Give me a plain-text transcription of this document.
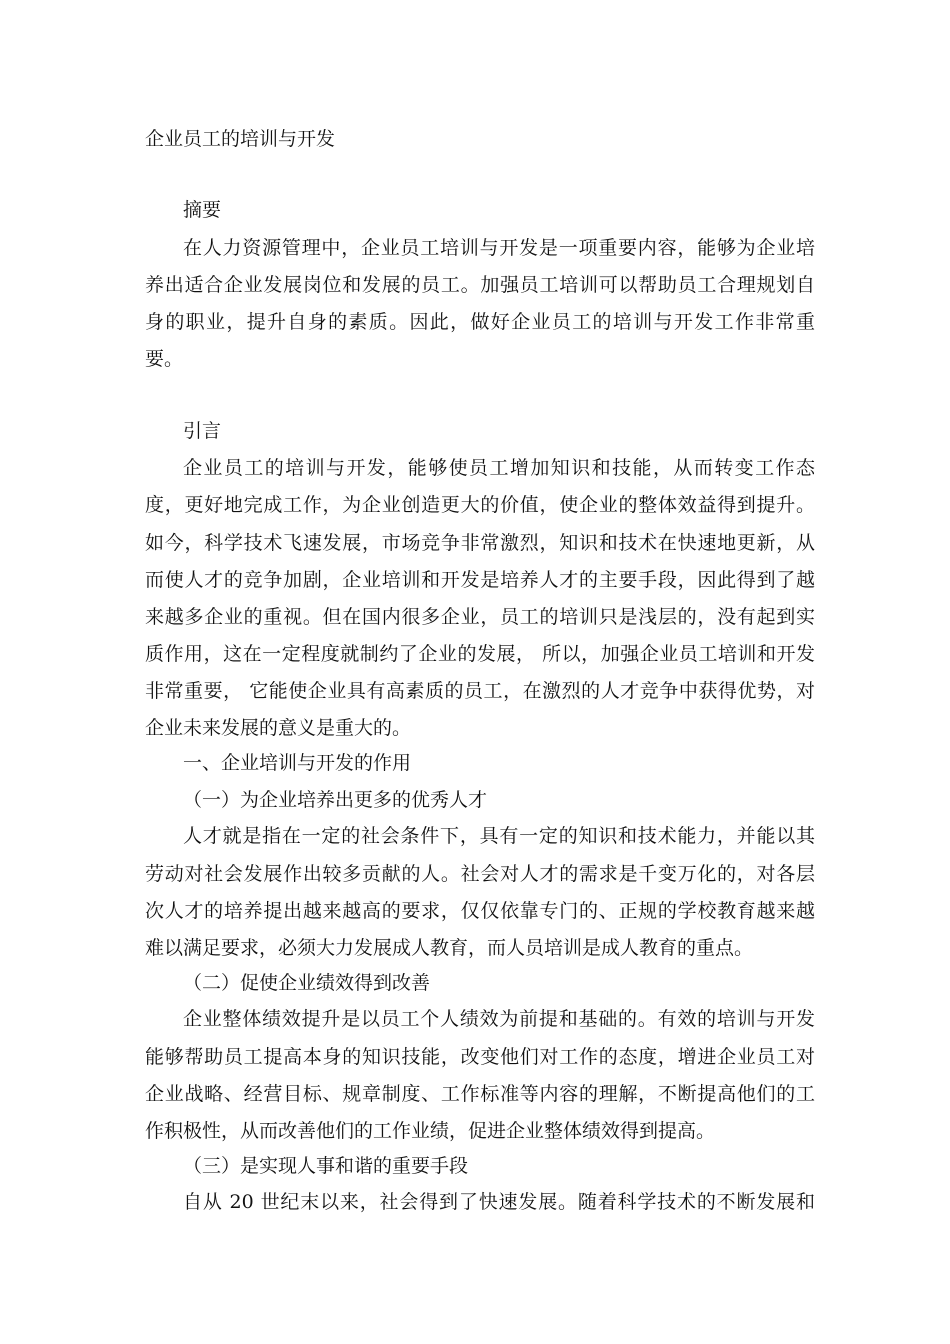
企业员工的培训与开发
摘要
在人力资源管理中，企业员工培训与开发是一项重要内容，能够为企业培
养出适合企业发展岗位和发展的员工。加强员工培训可以帮助员工合理规划自
身的职业，提升自身的素质。因此，做好企业员工的培训与开发工作非常重
要。
引言
企业员工的培训与开发，能够使员工增加知识和技能，从而转变工作态
度，更好地完成工作，为企业创造更大的价值，使企业的整体效益得到提升。
如今，科学技术飞速发展，市场竞争非常激烈，知识和技术在快速地更新，从
而使人才的竞争加剧，企业培训和开发是培养人才的主要手段，因此得到了越
来越多企业的重视。但在国内很多企业，员工的培训只是浅层的，没有起到实
质作用，这在一定程度就制约了企业的发展， 所以，加强企业员工培训和开发
非常重要， 它能使企业具有高素质的员工，在激烈的人才竞争中获得优势，对
企业未来发展的意义是重大的。
一、企业培训与开发的作用
（一）为企业培养出更多的优秀人才
人才就是指在一定的社会条件下，具有一定的知识和技术能力，并能以其
劳动对社会发展作出较多贡献的人。社会对人才的需求是千变万化的，对各层
次人才的培养提出越来越高的要求，仅仅依靠专门的、正规的学校教育越来越
难以满足要求，必须大力发展成人教育，而人员培训是成人教育的重点。
（二）促使企业绩效得到改善
企业整体绩效提升是以员工个人绩效为前提和基础的。有效的培训与开发
能够帮助员工提高本身的知识技能，改变他们对工作的态度，增进企业员工对
企业战略、经营目标、规章制度、工作标准等内容的理解，不断提高他们的工
作积极性，从而改善他们的工作业绩，促进企业整体绩效得到提高。
（三）是实现人事和谐的重要手段
自从 20 世纪末以来，社会得到了快速发展。随着科学技术的不断发展和
